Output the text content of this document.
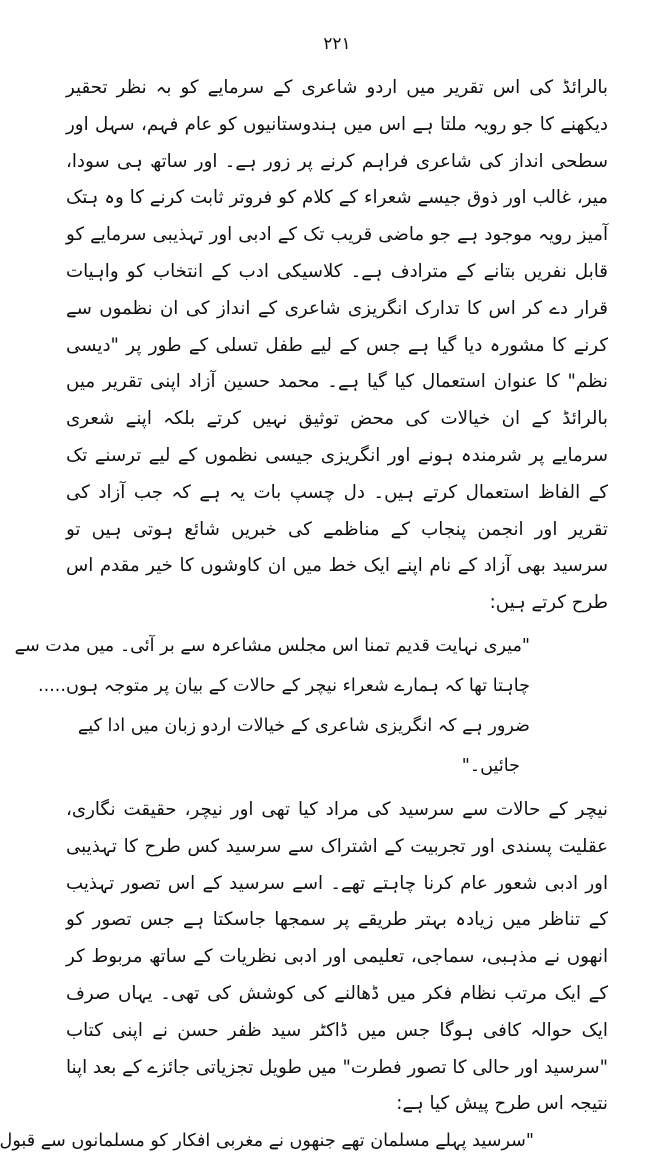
۲۲۱

بالرائڈ کی اس تقریر میں اردو شاعری کے سرمایے کو بہ نظر تحقیر دیکھنے کا جو رویہ ملتا ہے اس میں ہندوستانیوں کو عام فہم، سہل اور سطحی انداز کی شاعری فراہم کرنے پر زور ہے۔ اور ساتھ ہی سودا، میر، غالب اور ذوق جیسے شعراء کے کلام کو فروتر ثابت کرنے کا وہ ہتک آمیز رویہ موجود ہے جو ماضی قریب تک کے ادبی اور تہذیبی سرمایے کو قابل نفریں بتانے کے مترادف ہے۔ کلاسیکی ادب کے انتخاب کو واہیات قرار دے کر اس کا تدارک انگریزی شاعری کے انداز کی ان نظموں سے کرنے کا مشورہ دیا گیا ہے جس کے لیے طفل تسلی کے طور پر "دیسی نظم" کا عنوان استعمال کیا گیا ہے۔ محمد حسین آزاد اپنی تقریر میں بالرائڈ کے ان خیالات کی محض توثیق نہیں کرتے بلکہ اپنے شعری سرمایے پر شرمندہ ہونے اور انگریزی جیسی نظموں کے لیے ترسنے تک کے الفاظ استعمال کرتے ہیں۔ دل چسپ بات یہ ہے کہ جب آزاد کی تقریر اور انجمن پنجاب کے مناظمے کی خبریں شائع ہوتی ہیں تو سرسید بھی آزاد کے نام اپنے ایک خط میں ان کاوشوں کا خیر مقدم اس طرح کرتے ہیں:

"میری نہایت قدیم تمنا اس مجلس مشاعرہ سے بر آئی۔ میں مدت سے
چاہتا تھا کہ ہمارے شعراء نیچر کے حالات کے بیان پر متوجہ ہوں.....
ضرور ہے کہ انگریزی شاعری کے خیالات اردو زبان میں ادا کیے
جائیں۔"

نیچر کے حالات سے سرسید کی مراد کیا تھی اور نیچر، حقیقت نگاری، عقلیت پسندی اور تجربیت کے اشتراک سے سرسید کس طرح کا تہذیبی اور ادبی شعور عام کرنا چاہتے تھے۔ اسے سرسید کے اس تصور تہذیب کے تناظر میں زیادہ بہتر طریقے پر سمجھا جاسکتا ہے جس تصور کو انھوں نے مذہبی، سماجی، تعلیمی اور ادبی نظریات کے ساتھ مربوط کر کے ایک مرتب نظام فکر میں ڈھالنے کی کوشش کی تھی۔ یہاں صرف ایک حوالہ کافی ہوگا جس میں ڈاکٹر سید ظفر حسن نے اپنی کتاب "سرسید اور حالی کا تصور فطرت" میں طویل تجزیاتی جائزے کے بعد اپنا نتیجہ اس طرح پیش کیا ہے:

"سرسید پہلے مسلمان تھے جنھوں نے مغربی افکار کو مسلمانوں سے قبول
